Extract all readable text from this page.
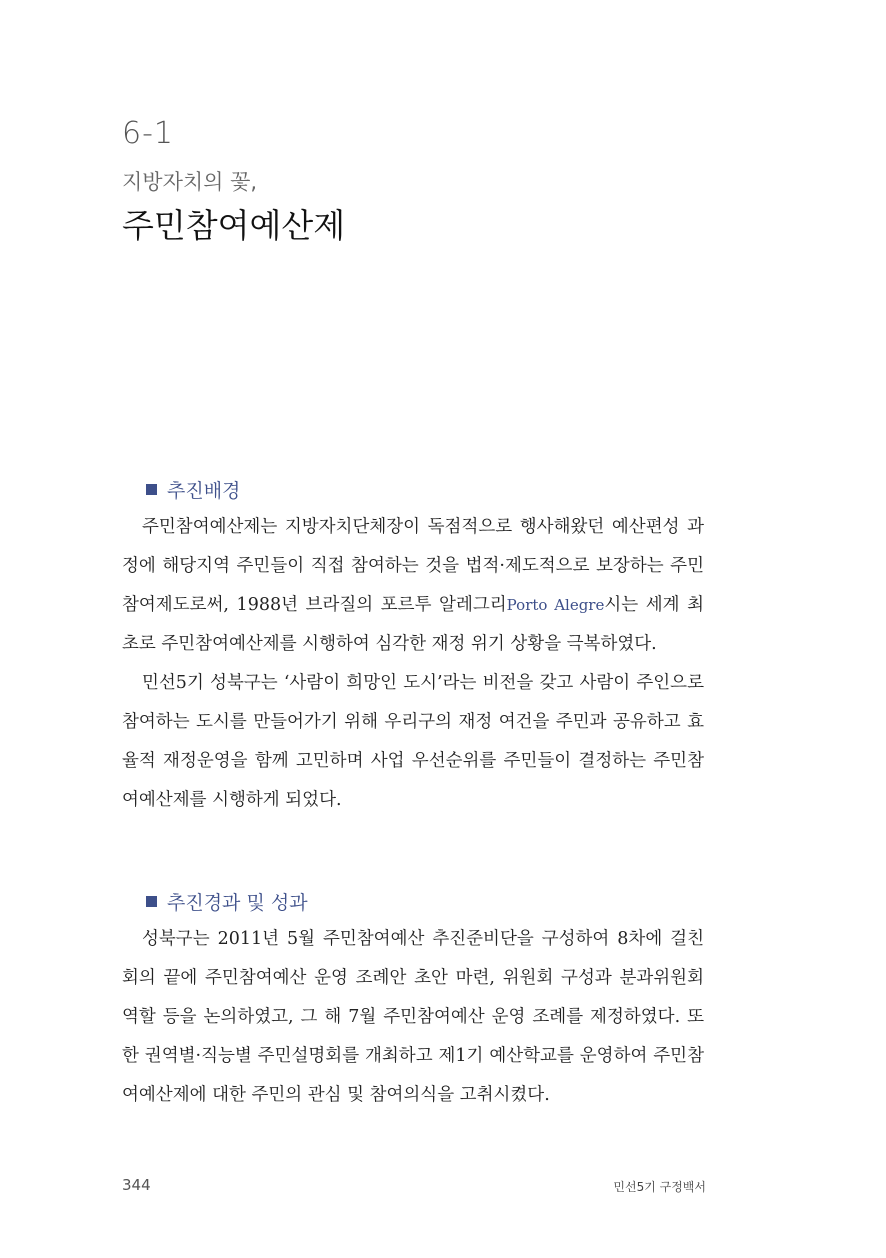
6-1
지방자치의 꽃,
주민참여예산제
추진배경

주민참여예산제는 지방자치단체장이 독점적으로 행사해왔던 예산편성 과정에 해당지역 주민들이 직접 참여하는 것을 법적·제도적으로 보장하는 주민참여제도로써, 1988년 브라질의 포르투 알레그리Porto Alegre시는 세계 최초로 주민참여예산제를 시행하여 심각한 재정 위기 상황을 극복하였다.

민선5기 성북구는 ‘사람이 희망인 도시’라는 비전을 갖고 사람이 주인으로 참여하는 도시를 만들어가기 위해 우리구의 재정 여건을 주민과 공유하고 효율적 재정운영을 함께 고민하며 사업 우선순위를 주민들이 결정하는 주민참여예산제를 시행하게 되었다.

추진경과 및 성과

성북구는 2011년 5월 주민참여예산 추진준비단을 구성하여 8차에 걸친 회의 끝에 주민참여예산 운영 조례안 초안 마련, 위원회 구성과 분과위원회 역할 등을 논의하였고, 그 해 7월 주민참여예산 운영 조례를 제정하였다. 또한 권역별·직능별 주민설명회를 개최하고 제1기 예산학교를 운영하여 주민참여예산제에 대한 주민의 관심 및 참여의식을 고취시켰다.

344	민선5기 구정백서
